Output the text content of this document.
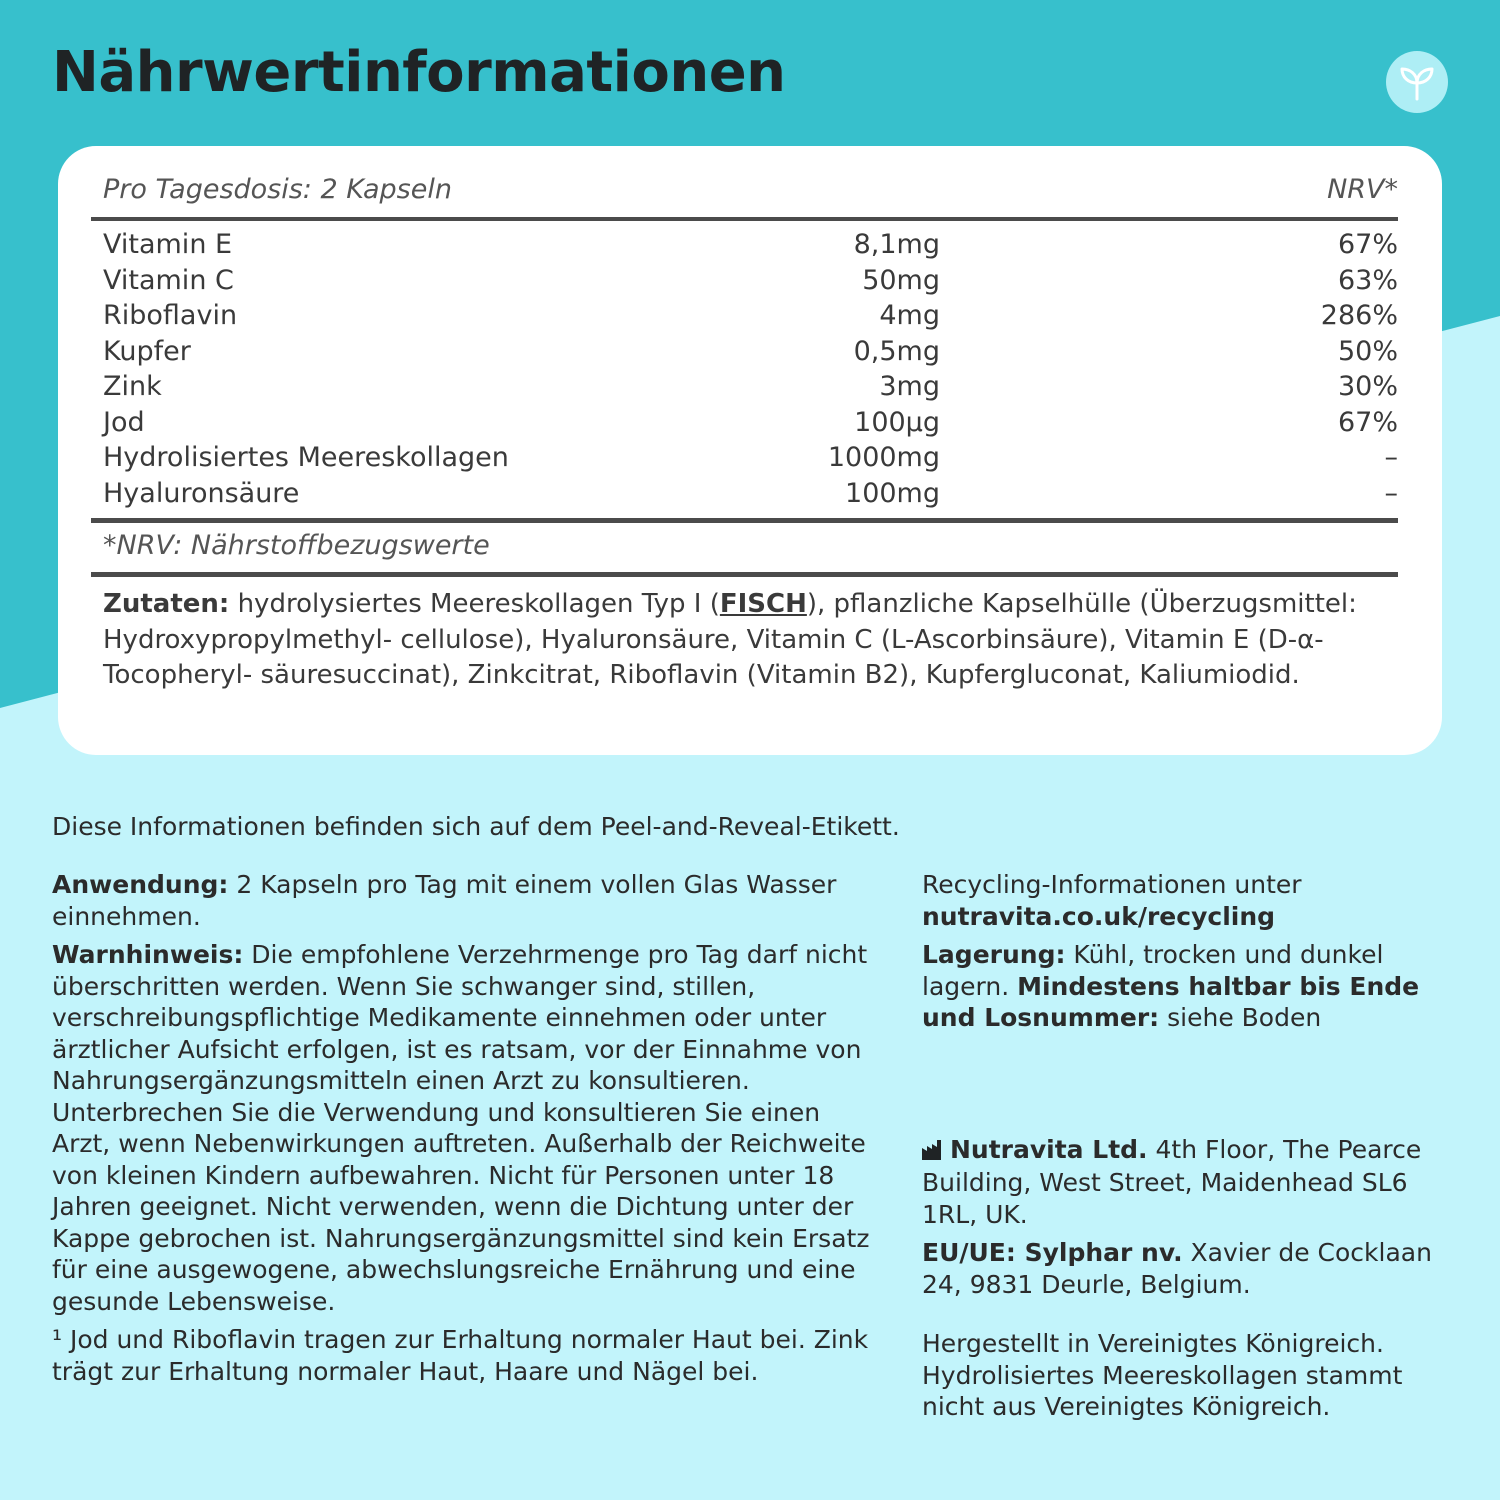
Nährwertinformationen
Pro Tagesdosis: 2 Kapseln	NRV*
Vitamin E	8,1mg	67%
Vitamin C	50mg	63%
Riboflavin	4mg	286%
Kupfer	0,5mg	50%
Zink	3mg	30%
Jod	100µg	67%
Hydrolisiertes Meereskollagen	1000mg	–
Hyaluronsäure	100mg	–
*NRV: Nährstoffbezugswerte

Zutaten: hydrolysiertes Meereskollagen Typ I (FISCH), pflanzliche Kapselhülle (Überzugsmittel: Hydroxypropylmethyl- cellulose), Hyaluronsäure, Vitamin C (L-Ascorbinsäure), Vitamin E (D-α-Tocopheryl- säuresuccinat), Zinkcitrat, Riboflavin (Vitamin B2), Kupfergluconat, Kaliumiodid.

Diese Informationen befinden sich auf dem Peel-and-Reveal-Etikett.

Anwendung: 2 Kapseln pro Tag mit einem vollen Glas Wasser einnehmen.

Warnhinweis: Die empfohlene Verzehrmenge pro Tag darf nicht überschritten werden. Wenn Sie schwanger sind, stillen, verschreibungspflichtige Medikamente einnehmen oder unter ärztlicher Aufsicht erfolgen, ist es ratsam, vor der Einnahme von Nahrungsergänzungsmitteln einen Arzt zu konsultieren. Unterbrechen Sie die Verwendung und konsultieren Sie einen Arzt, wenn Nebenwirkungen auftreten. Außerhalb der Reichweite von kleinen Kindern aufbewahren. Nicht für Personen unter 18 Jahren geeignet. Nicht verwenden, wenn die Dichtung unter der Kappe gebrochen ist. Nahrungsergänzungsmittel sind kein Ersatz für eine ausgewogene, abwechslungsreiche Ernährung und eine gesunde Lebensweise.

¹ Jod und Riboflavin tragen zur Erhaltung normaler Haut bei. Zink trägt zur Erhaltung normaler Haut, Haare und Nägel bei.

Recycling-Informationen unter
nutravita.co.uk/recycling

Lagerung: Kühl, trocken und dunkel lagern. Mindestens haltbar bis Ende und Losnummer: siehe Boden

Nutravita Ltd. 4th Floor, The Pearce Building, West Street, Maidenhead SL6 1RL, UK.

EU/UE: Sylphar nv. Xavier de Cocklaan 24, 9831 Deurle, Belgium.

Hergestellt in Vereinigtes Königreich. Hydrolisiertes Meereskollagen stammt nicht aus Vereinigtes Königreich.
